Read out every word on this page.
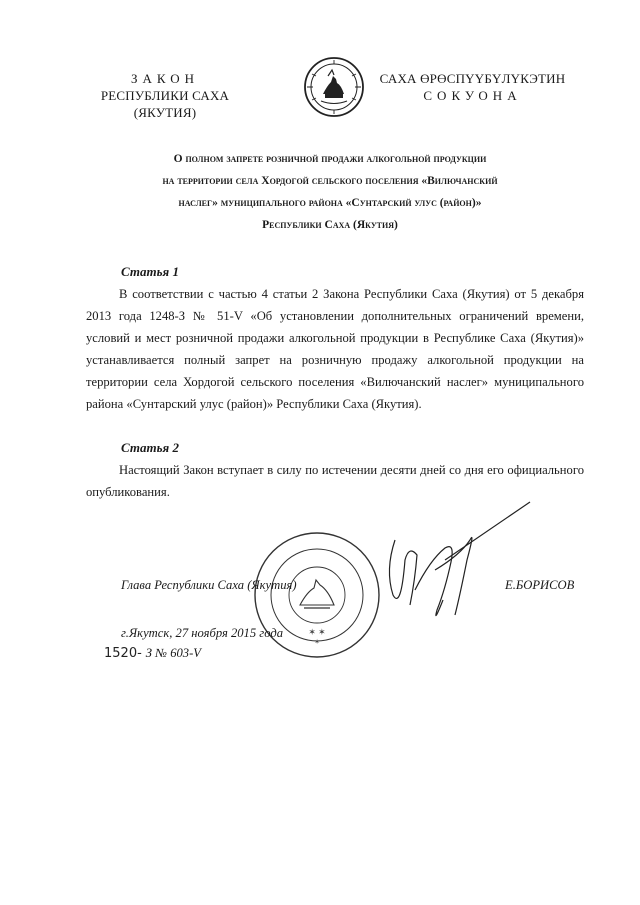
ЗАКОН
РЕСПУБЛИКИ САХА (ЯКУТИЯ)
САХА ӨРӨСПҮҮБҮЛҮКЭТИН
СОКУОНА
О полном запрете розничной продажи алкогольной продукции
на территории села Хордогой сельского поселения «Вилючанский
наслег» муниципального района «Сунтарский улус (район)»
Республики Саха (Якутия)
Статья 1
В соответствии с частью 4 статьи 2 Закона Республики Саха (Якутия) от 5 декабря 2013 года 1248-З № 51-V «Об установлении дополнительных ограничений времени, условий и мест розничной продажи алкогольной продукции в Республике Саха (Якутия)» устанавливается полный запрет на розничную продажу алкогольной продукции на территории села Хордогой сельского поселения «Вилючанский наслег» муниципального района «Сунтарский улус (район)» Республики Саха (Якутия).
Статья 2
Настоящий Закон вступает в силу по истечении десяти дней со дня его официального опубликования.
✶ ✶
✶
Глава Республики Саха (Якутия)	Е.БОРИСОВ
г.Якутск, 27 ноября 2015 года
1520- З № 603-V
